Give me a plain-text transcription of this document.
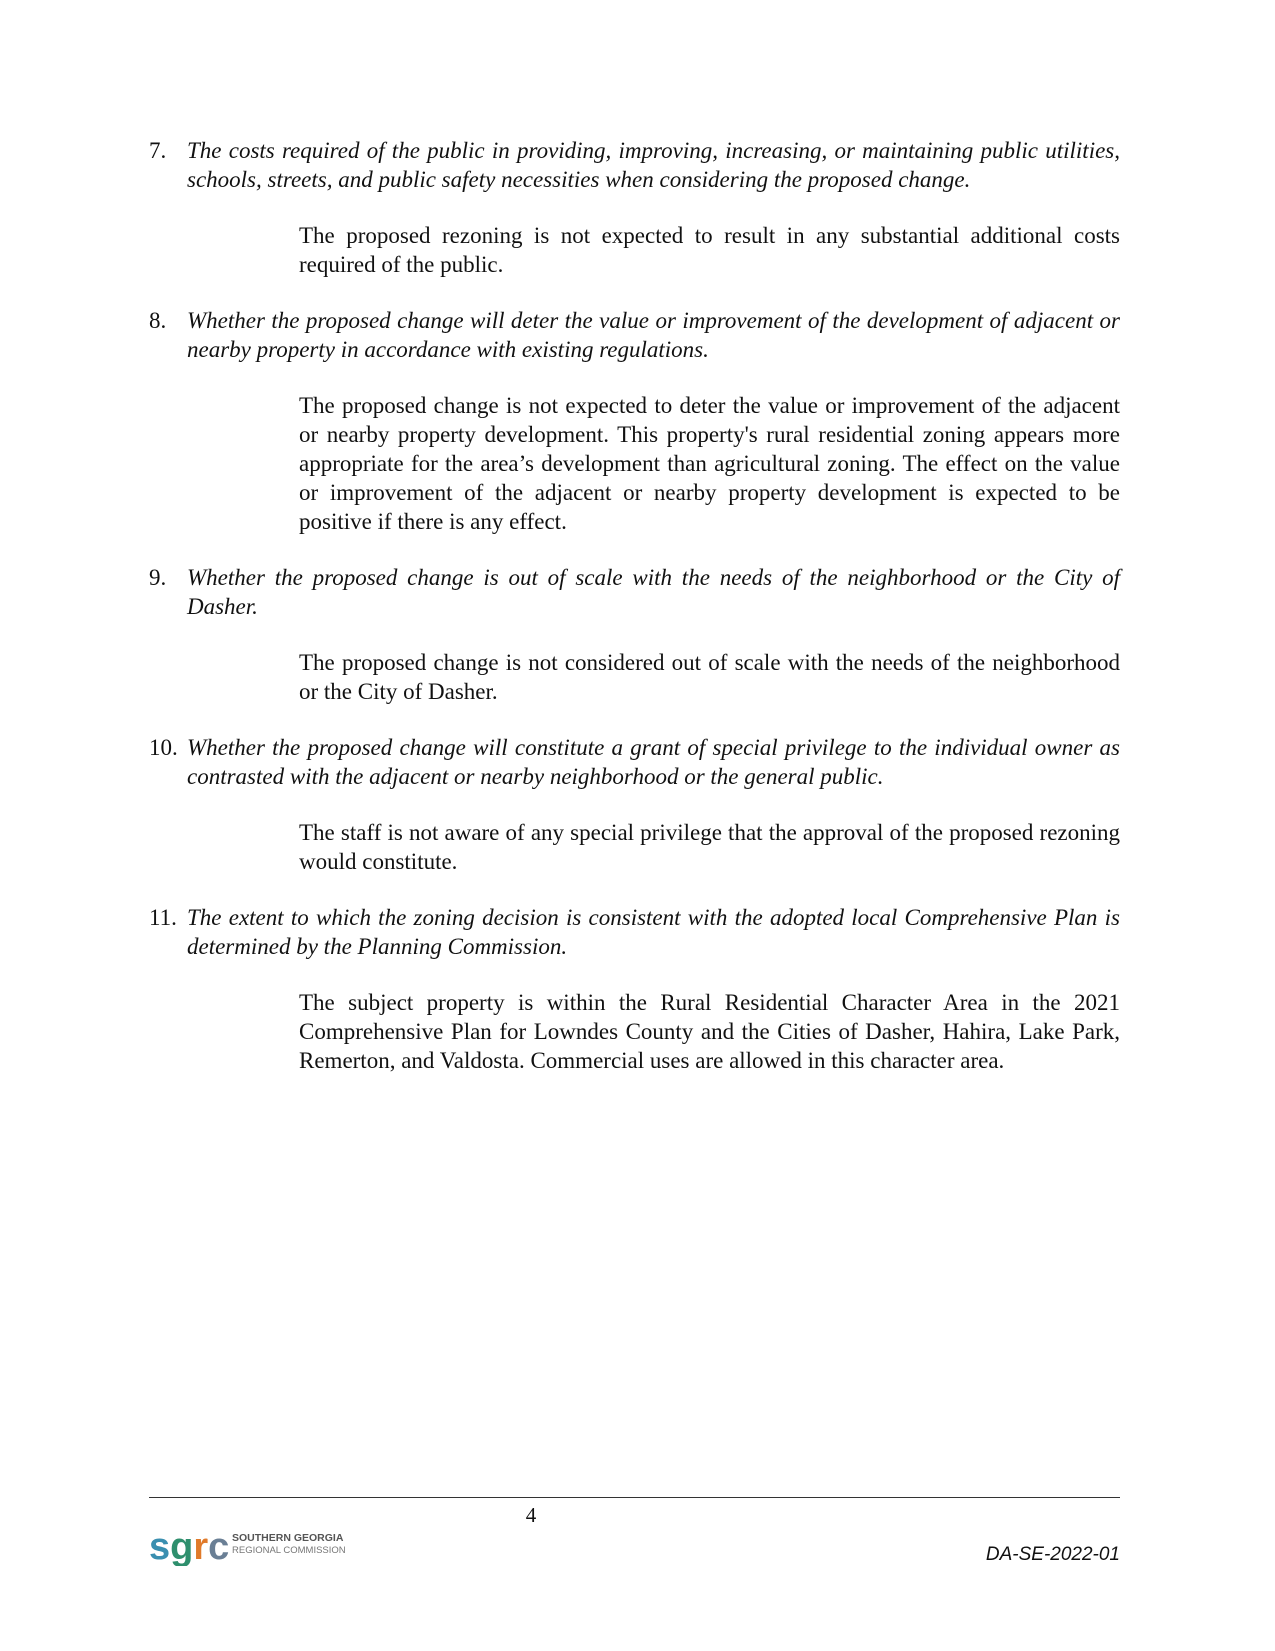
7. The costs required of the public in providing, improving, increasing, or maintaining public utilities, schools, streets, and public safety necessities when considering the proposed change.

The proposed rezoning is not expected to result in any substantial additional costs required of the public.

8. Whether the proposed change will deter the value or improvement of the development of adjacent or nearby property in accordance with existing regulations.

The proposed change is not expected to deter the value or improvement of the adjacent or nearby property development. This property's rural residential zoning appears more appropriate for the area’s development than agricultural zoning. The effect on the value or improvement of the adjacent or nearby property development is expected to be positive if there is any effect.

9. Whether the proposed change is out of scale with the needs of the neighborhood or the City of Dasher.

The proposed change is not considered out of scale with the needs of the neighborhood or the City of Dasher.

10. Whether the proposed change will constitute a grant of special privilege to the individual owner as contrasted with the adjacent or nearby neighborhood or the general public.

The staff is not aware of any special privilege that the approval of the proposed rezoning would constitute.

11. The extent to which the zoning decision is consistent with the adopted local Comprehensive Plan is determined by the Planning Commission.

The subject property is within the Rural Residential Character Area in the 2021 Comprehensive Plan for Lowndes County and the Cities of Dasher, Hahira, Lake Park, Remerton, and Valdosta. Commercial uses are allowed in this character area.

4
sgrc SOUTHERN GEORGIA
REGIONAL COMMISSION	DA-SE-2022-01
